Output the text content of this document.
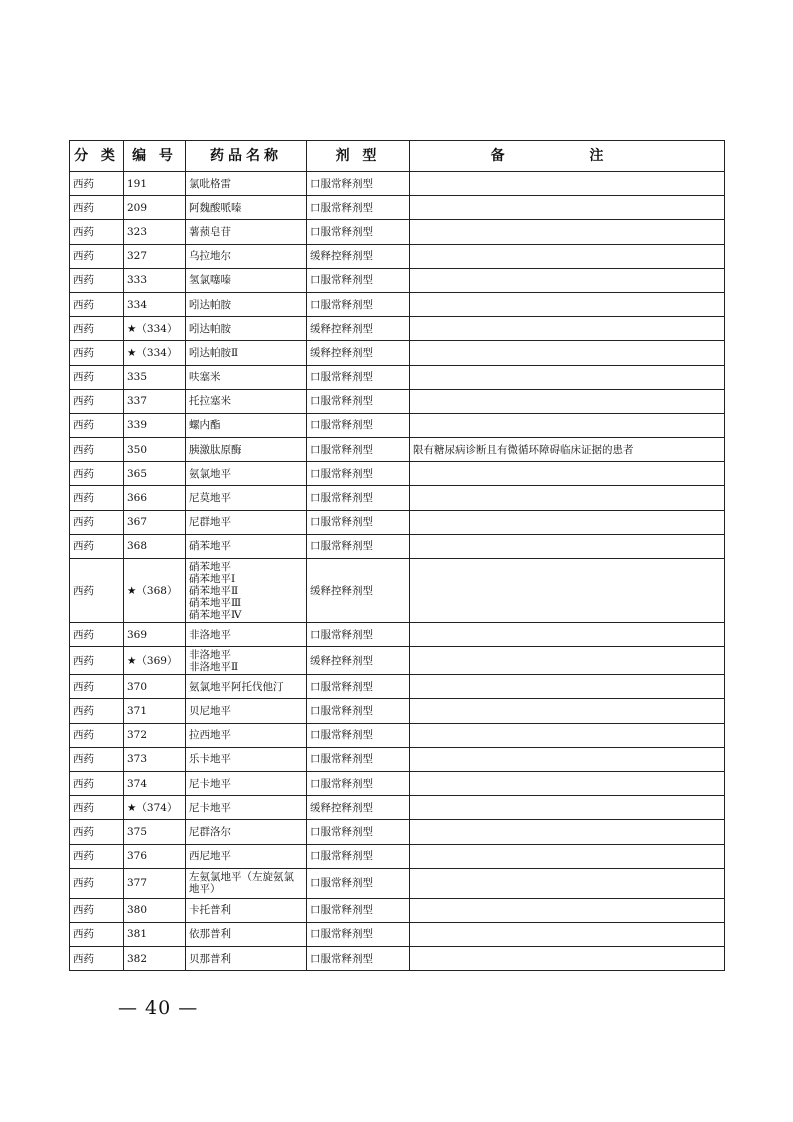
分 类	编 号	药品名称	剂 型	备 注
西药	191	氯吡格雷	口服常释剂型	
西药	209	阿魏酸哌嗪	口服常释剂型	
西药	323	薯蓣皂苷	口服常释剂型	
西药	327	乌拉地尔	缓释控释剂型	
西药	333	氢氯噻嗪	口服常释剂型	
西药	334	吲达帕胺	口服常释剂型	
西药	★（334）	吲达帕胺	缓释控释剂型	
西药	★（334）	吲达帕胺Ⅱ	缓释控释剂型	
西药	335	呋塞米	口服常释剂型	
西药	337	托拉塞米	口服常释剂型	
西药	339	螺内酯	口服常释剂型	
西药	350	胰激肽原酶	口服常释剂型	限有糖尿病诊断且有微循环障碍临床证据的患者
西药	365	氨氯地平	口服常释剂型	
西药	366	尼莫地平	口服常释剂型	
西药	367	尼群地平	口服常释剂型	
西药	368	硝苯地平	口服常释剂型	
西药	★（368）	硝苯地平
硝苯地平Ⅰ
硝苯地平Ⅱ
硝苯地平Ⅲ
硝苯地平Ⅳ	缓释控释剂型	
西药	369	非洛地平	口服常释剂型	
西药	★（369）	非洛地平
非洛地平Ⅱ	缓释控释剂型	
西药	370	氨氯地平阿托伐他汀	口服常释剂型	
西药	371	贝尼地平	口服常释剂型	
西药	372	拉西地平	口服常释剂型	
西药	373	乐卡地平	口服常释剂型	
西药	374	尼卡地平	口服常释剂型	
西药	★（374）	尼卡地平	缓释控释剂型	
西药	375	尼群洛尔	口服常释剂型	
西药	376	西尼地平	口服常释剂型	
西药	377	左氨氯地平（左旋氨氯地平）	口服常释剂型	
西药	380	卡托普利	口服常释剂型	
西药	381	依那普利	口服常释剂型	
西药	382	贝那普利	口服常释剂型	
— 40 —
